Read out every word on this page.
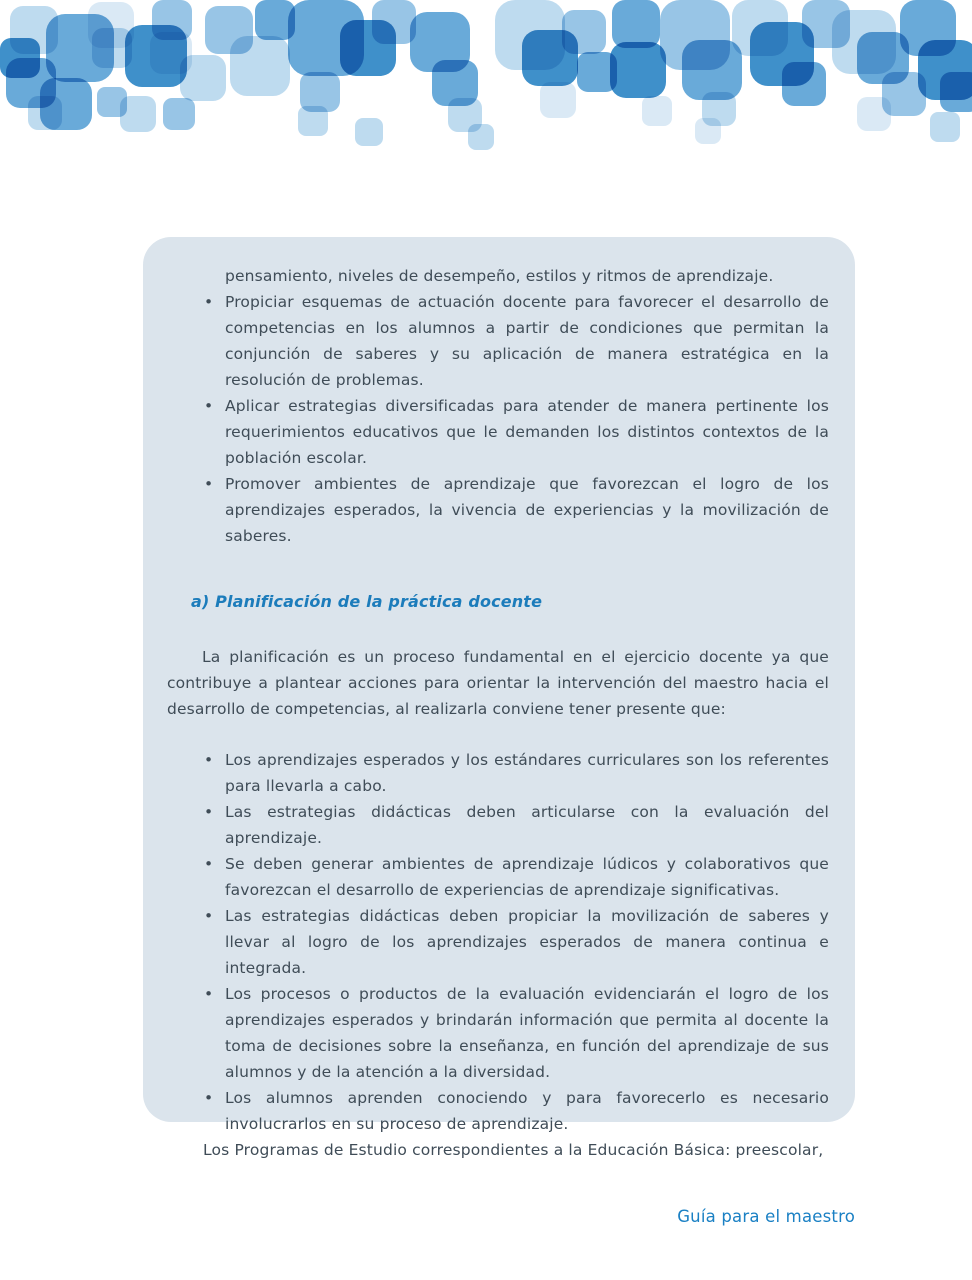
pensamiento, niveles de desempeño, estilos y ritmos de aprendizaje.

• Propiciar esquemas de actuación docente para favorecer el desarrollo de competencias en los alumnos a partir de condiciones que permitan la conjunción de saberes y su aplicación de manera estratégica en la resolución de problemas.
• Aplicar estrategias diversificadas para atender de manera pertinente los requerimientos educativos que le demanden los distintos contextos de la población escolar.
• Promover ambientes de aprendizaje que favorezcan el logro de los aprendizajes esperados, la vivencia de experiencias y la movilización de saberes.
a) Planificación de la práctica docente

La planificación es un proceso fundamental en el ejercicio docente ya que contribuye a plantear acciones para orientar la intervención del maestro hacia el desarrollo de competencias, al realizarla conviene tener presente que:

• Los aprendizajes esperados y los estándares curriculares son los referentes para llevarla a cabo.
• Las estrategias didácticas deben articularse con la evaluación del aprendizaje.
• Se deben generar ambientes de aprendizaje lúdicos y colaborativos que favorezcan el desarrollo de experiencias de aprendizaje significativas.
• Las estrategias didácticas deben propiciar la movilización de saberes y llevar al logro de los aprendizajes esperados de manera continua e integrada.
• Los procesos o productos de la evaluación evidenciarán el logro de los aprendizajes esperados y brindarán información que permita al docente la toma de decisiones sobre la enseñanza, en función del aprendizaje de sus alumnos y de la atención a la diversidad.
• Los alumnos aprenden conociendo y para favorecerlo es necesario involucrarlos en su proceso de aprendizaje.

Los Programas de Estudio correspondientes a la Educación Básica: preescolar,

Guía para el maestro
